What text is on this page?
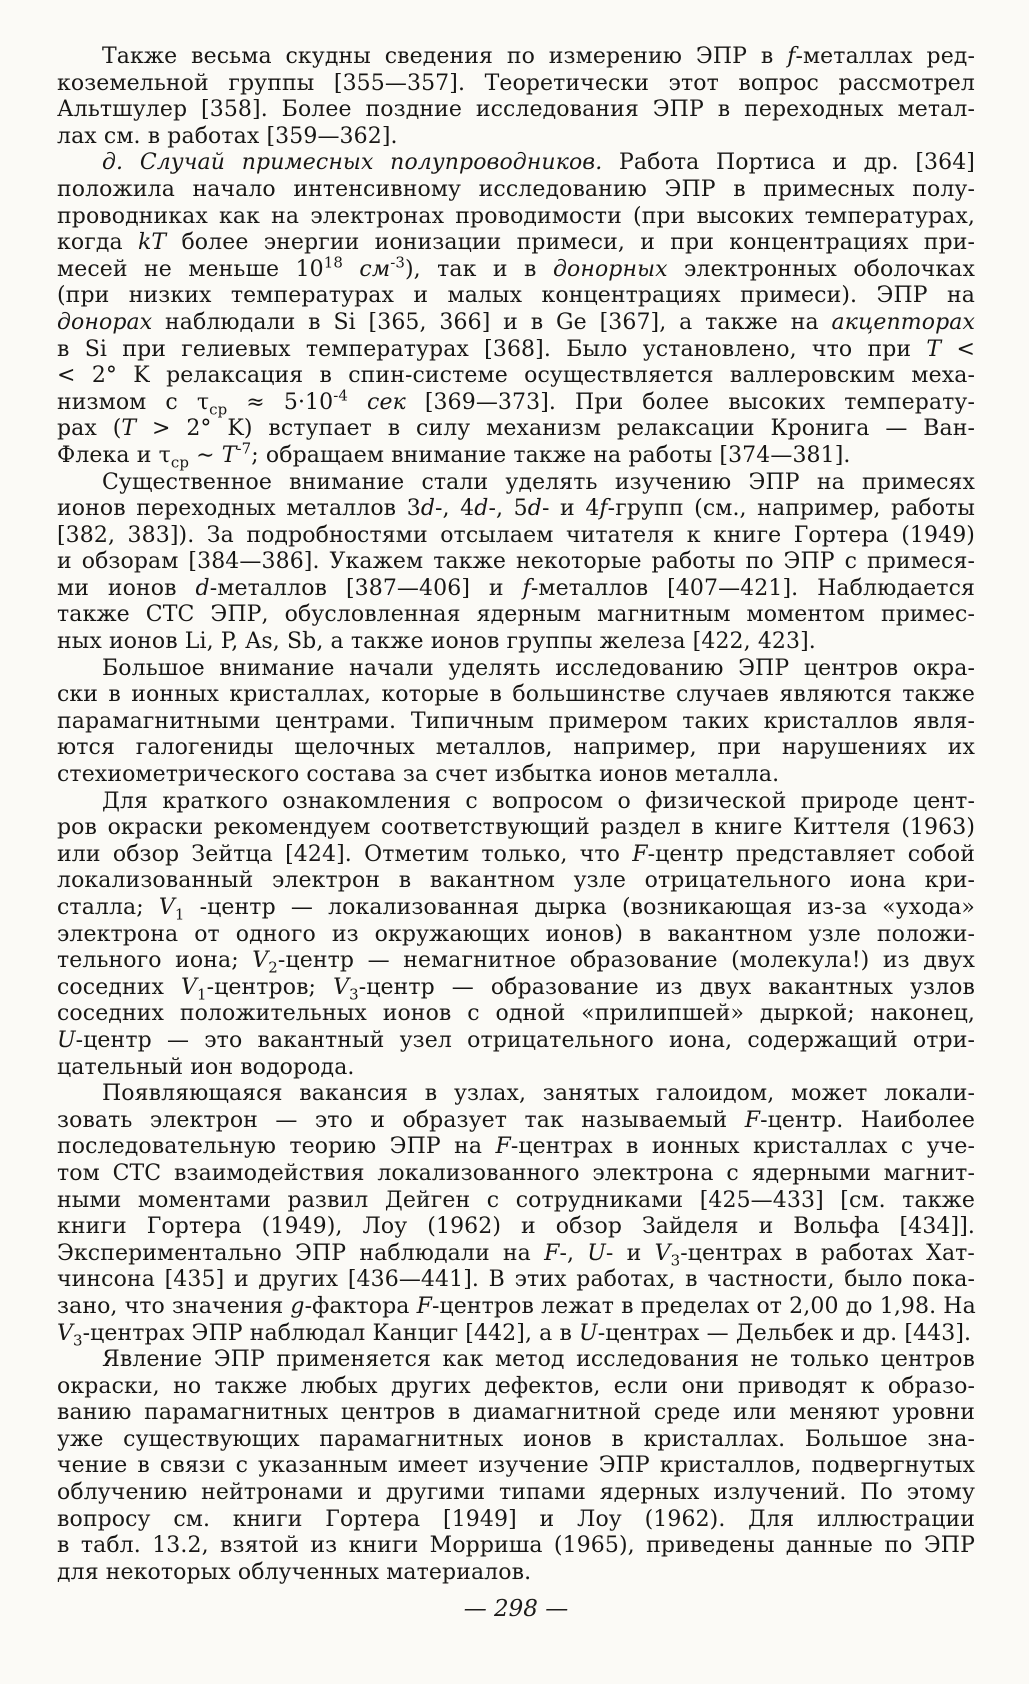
Также весьма скудны сведения по измерению ЭПР в f-металлах ред-
коземельной группы [355—357]. Теоретически этот вопрос рассмотрел
Альтшулер [358]. Более поздние исследования ЭПР в переходных метал-
лах см. в работах [359—362].
д. Случай примесных полупроводников. Работа Портиса и др. [364]
положила начало интенсивному исследованию ЭПР в примесных полу-
проводниках как на электронах проводимости (при высоких температурах,
когда kT более энергии ионизации примеси, и при концентрациях при-
месей не меньше $10^{18}$ $см^{-3}$), так и в донорных электронных оболочках
(при низких температурах и малых концентрациях примеси). ЭПР на
донорах наблюдали в Si [365, 366] и в Ge [367], а также на акцепторах
в Si при гелиевых температурах [368]. Было установлено, что при T <
< 2° K релаксация в спин-системе осуществляется валлеровским меха-
низмом с $\tau_{ср} \approx 5\cdot 10^{-4}$ сек [369—373]. При более высоких температу-
рах (T > 2° K) вступает в силу механизм релаксации Кронига — Ван-
Флека и $\tau_{ср}$ ∼ $T^{-7}$; обращаем внимание также на работы [374—381].
Существенное внимание стали уделять изучению ЭПР на примесях
ионов переходных металлов 3d-, 4d-, 5d- и 4f-групп (см., например, работы
[382, 383]). За подробностями отсылаем читателя к книге Гортера (1949)
и обзорам [384—386]. Укажем также некоторые работы по ЭПР с примеся-
ми ионов d-металлов [387—406] и f-металлов [407—421]. Наблюдается
также СТС ЭПР, обусловленная ядерным магнитным моментом примес-
ных ионов Li, P, As, Sb, а также ионов группы железа [422, 423].
Большое внимание начали уделять исследованию ЭПР центров окра-
ски в ионных кристаллах, которые в большинстве случаев являются также
парамагнитными центрами. Типичным примером таких кристаллов явля-
ются галогениды щелочных металлов, например, при нарушениях их
стехиометрического состава за счет избытка ионов металла.
Для краткого ознакомления с вопросом о физической природе цент-
ров окраски рекомендуем соответствующий раздел в книге Киттеля (1963)
или обзор Зейтца [424]. Отметим только, что F-центр представляет собой
локализованный электрон в вакантном узле отрицательного иона кри-
сталла; $V_1$ -центр — локализованная дырка (возникающая из-за «ухода»
электрона от одного из окружающих ионов) в вакантном узле положи-
тельного иона; $V_2$-центр — немагнитное образование (молекула!) из двух
соседних $V_1$-центров; $V_3$-центр — образование из двух вакантных узлов
соседних положительных ионов с одной «прилипшей» дыркой; наконец,
U-центр — это вакантный узел отрицательного иона, содержащий отри-
цательный ион водорода.
Появляющаяся вакансия в узлах, занятых галоидом, может локали-
зовать электрон — это и образует так называемый F-центр. Наиболее
последовательную теорию ЭПР на F-центрах в ионных кристаллах с уче-
том СТС взаимодействия локализованного электрона с ядерными магнит-
ными моментами развил Дейген с сотрудниками [425—433] [см. также
книги Гортера (1949), Лоу (1962) и обзор Зайделя и Вольфа [434]].
Экспериментально ЭПР наблюдали на F-, U- и $V_3$-центрах в работах Хат-
чинсона [435] и других [436—441]. В этих работах, в частности, было пока-
зано, что значения g-фактора F-центров лежат в пределах от 2,00 до 1,98. На
$V_3$-центрах ЭПР наблюдал Канциг [442], а в U-центрах — Дельбек и др. [443].
Явление ЭПР применяется как метод исследования не только центров
окраски, но также любых других дефектов, если они приводят к образо-
ванию парамагнитных центров в диамагнитной среде или меняют уровни
уже существующих парамагнитных ионов в кристаллах. Большое зна-
чение в связи с указанным имеет изучение ЭПР кристаллов, подвергнутых
облучению нейтронами и другими типами ядерных излучений. По этому
вопросу см. книги Гортера [1949] и Лоу (1962). Для иллюстрации
в табл. 13.2, взятой из книги Морриша (1965), приведены данные по ЭПР
для некоторых облученных материалов.
— 298 —
